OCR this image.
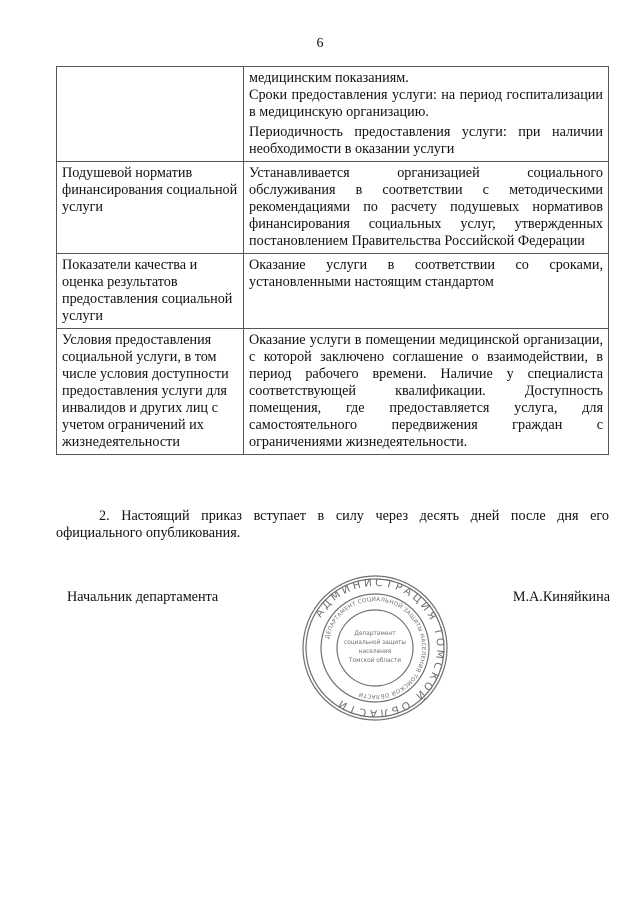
6

	медицинским показаниям.

Сроки предоставления услуги: на период госпитализации в медицинскую организацию.

Периодичность предоставления услуги: при наличии необходимости в оказании услуги

Подушевой норматив финансирования социальной услуги	Устанавливается организацией социального обслуживания в соответствии с методическими рекомендациями по расчету подушевых нормативов финансирования социальных услуг, утвержденных постановлением Правительства Российской Федерации

Показатели качества и оценка результатов предоставления социальной услуги	Оказание услуги в соответствии со сроками, установленными настоящим стандартом

Условия предоставления социальной услуги, в том числе условия доступности предоставления услуги для инвалидов и других лиц с учетом ограничений их жизнедеятельности	Оказание услуги в помещении медицинской организации, с которой заключено соглашение о взаимодействии, в период рабочего времени. Наличие у специалиста соответствующей квалификации. Доступность помещения, где предоставляется услуга, для самостоятельного передвижения граждан с ограничениями жизнедеятельности.

2. Настоящий приказ вступает в силу через десять дней после дня его официального опубликования.

Начальник департамента	М.А.Киняйкина
АДМИНИСТРАЦИЯ ТОМСКОЙ ОБЛАСТИ
ДЕПАРТАМЕНТ СОЦИАЛЬНОЙ ЗАЩИТЫ НАСЕЛЕНИЯ ТОМСКОЙ ОБЛАСТИ
Департамент
социальной защиты
населения
Томской области
